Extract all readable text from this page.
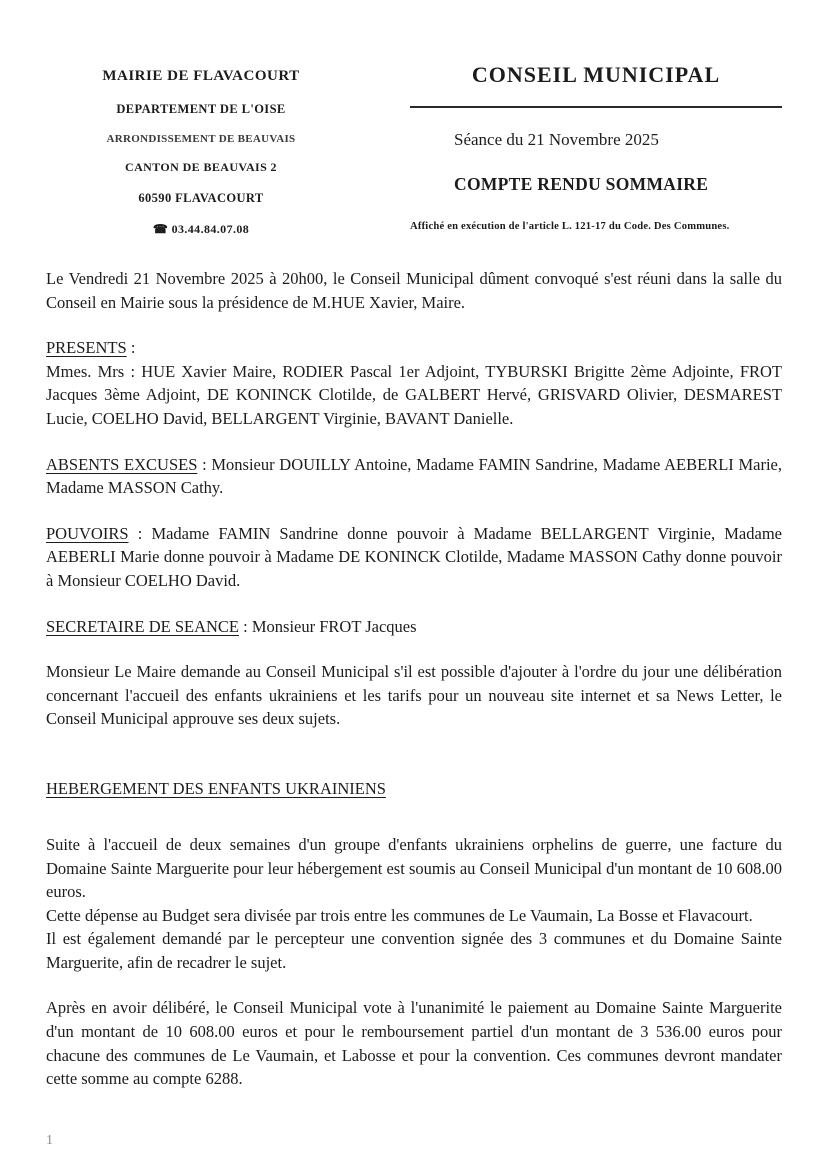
MAIRIE DE FLAVACOURT
DEPARTEMENT DE L'OISE
ARRONDISSEMENT DE BEAUVAIS
CANTON DE BEAUVAIS 2
60590 FLAVACOURT
☎ 03.44.84.07.08
CONSEIL MUNICIPAL
Séance du 21 Novembre 2025
COMPTE RENDU SOMMAIRE
Affiché en exécution de l'article L. 121-17 du Code. Des Communes.

Le Vendredi 21 Novembre 2025 à 20h00, le Conseil Municipal dûment convoqué s'est réuni dans la salle du Conseil en Mairie sous la présidence de M.HUE Xavier, Maire.

PRESENTS :
Mmes. Mrs : HUE Xavier Maire, RODIER Pascal 1er Adjoint, TYBURSKI Brigitte 2ème Adjointe, FROT Jacques 3ème Adjoint, DE KONINCK Clotilde, de GALBERT Hervé, GRISVARD Olivier, DESMAREST Lucie, COELHO David, BELLARGENT Virginie, BAVANT Danielle.

ABSENTS EXCUSES : Monsieur DOUILLY Antoine, Madame FAMIN Sandrine, Madame AEBERLI Marie, Madame MASSON Cathy.

POUVOIRS : Madame FAMIN Sandrine donne pouvoir à Madame BELLARGENT Virginie, Madame AEBERLI Marie donne pouvoir à Madame DE KONINCK Clotilde, Madame MASSON Cathy donne pouvoir à Monsieur COELHO David.

SECRETAIRE DE SEANCE : Monsieur FROT Jacques

Monsieur Le Maire demande au Conseil Municipal s'il est possible d'ajouter à l'ordre du jour une délibération concernant l'accueil des enfants ukrainiens et les tarifs pour un nouveau site internet et sa News Letter, le Conseil Municipal approuve ses deux sujets.

HEBERGEMENT DES ENFANTS UKRAINIENS

Suite à l'accueil de deux semaines d'un groupe d'enfants ukrainiens orphelins de guerre, une facture du Domaine Sainte Marguerite pour leur hébergement est soumis au Conseil Municipal d'un montant de 10 608.00 euros.
Cette dépense au Budget sera divisée par trois entre les communes de Le Vaumain, La Bosse et Flavacourt.
Il est également demandé par le percepteur une convention signée des 3 communes et du Domaine Sainte Marguerite, afin de recadrer le sujet.

Après en avoir délibéré, le Conseil Municipal vote à l'unanimité le paiement au Domaine Sainte Marguerite d'un montant de 10 608.00 euros et pour le remboursement partiel d'un montant de 3 536.00 euros pour chacune des communes de Le Vaumain, et Labosse et pour la convention. Ces communes devront mandater cette somme au compte 6288.

1
